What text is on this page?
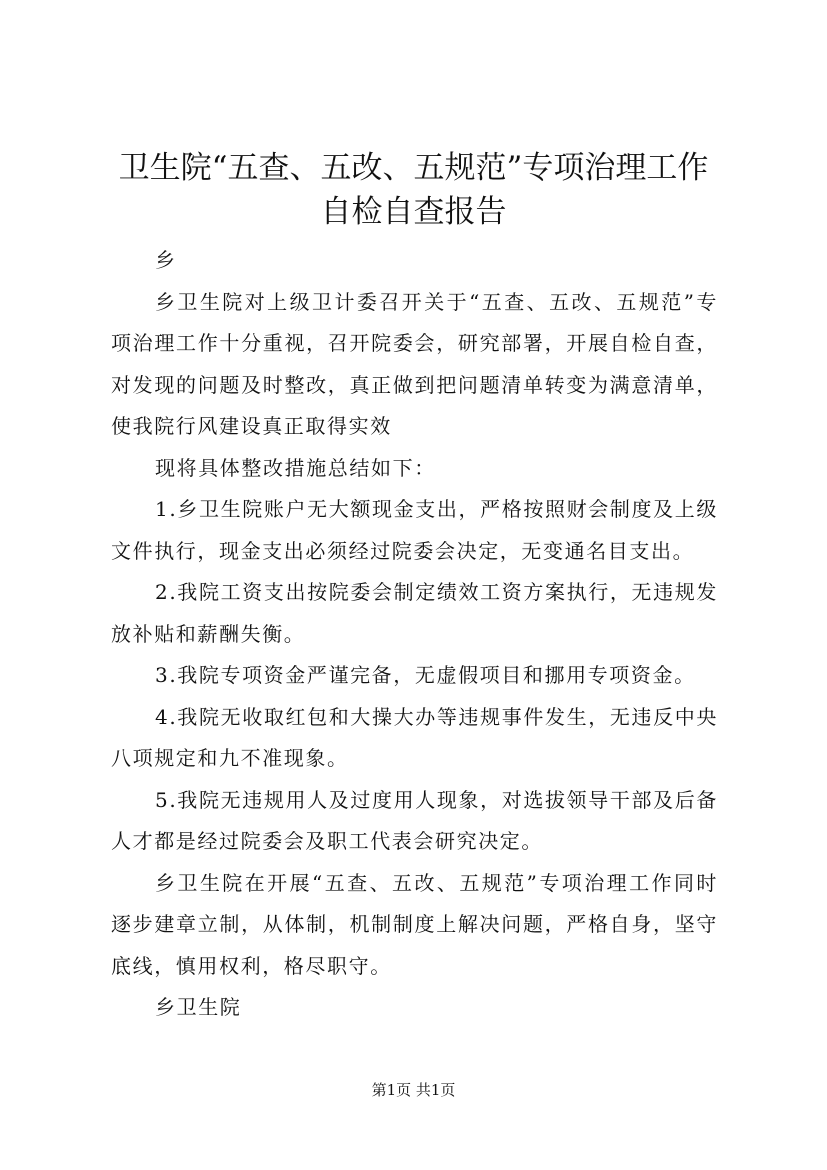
卫生院“五查、五改、五规范”专项治理工作
自检自查报告

乡

乡卫生院对上级卫计委召开关于“五查、五改、五规范”专项治理工作十分重视，召开院委会，研究部署，开展自检自查，对发现的问题及时整改，真正做到把问题清单转变为满意清单，使我院行风建设真正取得实效

现将具体整改措施总结如下：

1.乡卫生院账户无大额现金支出，严格按照财会制度及上级文件执行，现金支出必须经过院委会决定，无变通名目支出。

2.我院工资支出按院委会制定绩效工资方案执行，无违规发放补贴和薪酬失衡。

3.我院专项资金严谨完备，无虚假项目和挪用专项资金。

4.我院无收取红包和大操大办等违规事件发生，无违反中央八项规定和九不准现象。

5.我院无违规用人及过度用人现象，对选拔领导干部及后备人才都是经过院委会及职工代表会研究决定。

乡卫生院在开展“五查、五改、五规范”专项治理工作同时逐步建章立制，从体制，机制制度上解决问题，严格自身，坚守底线，慎用权利，格尽职守。

乡卫生院

第1页 共1页
